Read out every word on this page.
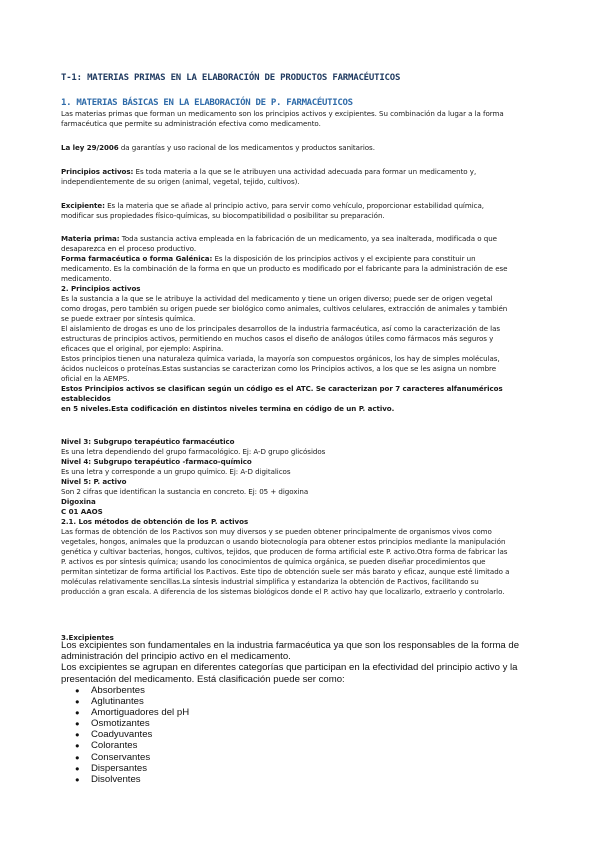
T-1: MATERIAS PRIMAS EN LA ELABORACIÓN DE PRODUCTOS FARMACÉUTICOS
1. MATERIAS BÁSICAS EN LA ELABORACIÓN DE P. FARMACÉUTICOS
Las materias primas que forman un medicamento son los principios activos y excipientes. Su combinación da lugar a la forma
farmacéutica que permite su administración efectiva como medicamento.
La ley 29/2006 da garantías y uso racional de los medicamentos y productos sanitarios.
Principios activos: Es toda materia a la que se le atribuyen una actividad adecuada para formar un medicamento y,
independientemente de su origen (animal, vegetal, tejido, cultivos).
Excipiente: Es la materia que se añade al principio activo, para servir como vehículo, proporcionar estabilidad química,
modificar sus propiedades físico-químicas, su biocompatibilidad o posibilitar su preparación.
Materia prima: Toda sustancia activa empleada en la fabricación de un medicamento, ya sea inalterada, modificada o que
desaparezca en el proceso productivo.
Forma farmacéutica o forma Galénica: Es la disposición de los principios activos y el excipiente para constituir un
medicamento. Es la combinación de la forma en que un producto es modificado por el fabricante para la administración de ese
medicamento.
2. Principios activos
Es la sustancia a la que se le atribuye la actividad del medicamento y tiene un origen diverso; puede ser de origen vegetal
como drogas, pero también su origen puede ser biológico como animales, cultivos celulares, extracción de animales y también
se puede extraer por síntesis química.
El aislamiento de drogas es uno de los principales desarrollos de la industria farmacéutica, así como la caracterización de las
estructuras de principios activos, permitiendo en muchos casos el diseño de análogos útiles como fármacos más seguros y
eficaces que el original, por ejemplo: Aspirina.
Estos principios tienen una naturaleza química variada, la mayoría son compuestos orgánicos, los hay de simples moléculas,
ácidos nucleicos o proteínas.Estas sustancias se caracterizan como los Principios activos, a los que se les asigna un nombre
oficial en la AEMPS.
Estos Principios activos se clasifican según un código es el ATC. Se caracterizan por 7 caracteres alfanuméricos establecidos
en 5 niveles.Esta codificación en distintos niveles termina en código de un P. activo.
Nivel 3: Subgrupo terapéutico farmacéutico
Es una letra dependiendo del grupo farmacológico. Ej: A-D grupo glicósidos
Nivel 4: Subgrupo terapéutico -farmaco-químico
Es una letra y corresponde a un grupo químico. Ej: A-D digitalicos
Nivel 5: P. activo
Son 2 cifras que identifican la sustancia en concreto. Ej: 05 + digoxina
Digoxina
C 01 AAOS
2.1. Los métodos de obtención de los P. activos
Las formas de obtención de los P.activos son muy diversos y se pueden obtener principalmente de organismos vivos como
vegetales, hongos, animales que la produzcan o usando biotecnología para obtener estos principios mediante la manipulación
genética y cultivar bacterias, hongos, cultivos, tejidos, que producen de forma artificial este P. activo.Otra forma de fabricar las
P. activos es por síntesis química; usando los conocimientos de química orgánica, se pueden diseñar procedimientos que
permitan sintetizar de forma artificial los P.activos. Este tipo de obtención suele ser más barato y eficaz, aunque esté limitado a
moléculas relativamente sencillas.La síntesis industrial simplifica y estandariza la obtención de P.activos, facilitando su
producción a gran escala. A diferencia de los sistemas biológicos donde el P. activo hay que localizarlo, extraerlo y controlarlo.
3.Excipientes
Los excipientes son fundamentales en la industria farmacéutica ya que son los responsables de la forma de
administración del principio activo en el medicamento.
Los excipientes se agrupan en diferentes categorías que participan en la efectividad del principio activo y la
presentación del medicamento. Está clasificación puede ser como:
● Absorbentes
● Aglutinantes
● Amortiguadores del pH
● Osmotizantes
● Coadyuvantes
● Colorantes
● Conservantes
● Dispersantes
● Disolventes
